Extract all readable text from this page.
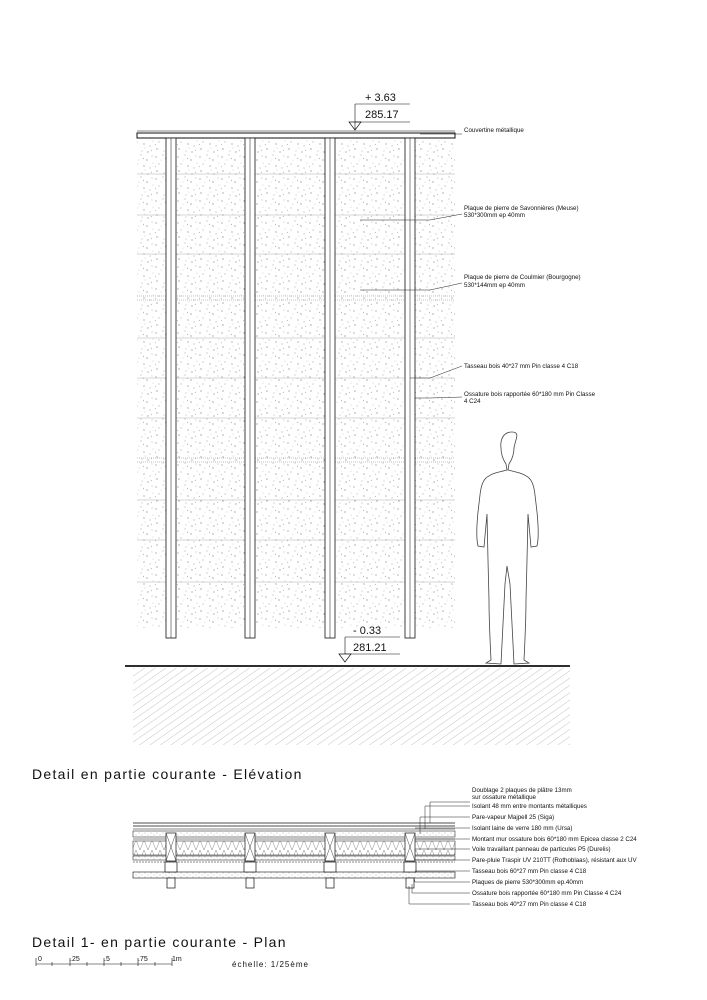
+ 3.63
285.17
- 0.33
281.21
Couvertine métallique
Plaque de pierre de Savonnières (Meuse)
530*300mm ep 40mm
Plaque de pierre de Coulmier (Bourgogne)
530*144mm ep 40mm
Tasseau bois 40*27 mm Pin classe 4 C18
Ossature bois rapportée 60*180 mm Pin Classe
4 C24
Detail en partie courante - Elévation
Doublage 2 plaques de plâtre 13mm
sur ossature métallique
Isolant 48 mm entre montants métalliques
Pare-vapeur Majpell 25 (Siga)
Isolant laine de verre 180 mm (Ursa)
Montant mur ossature bois 60*180 mm Epicea classe 2 C24
Voile travaillant panneau de particules P5 (Durelis)
Pare-pluie Traspir UV 210TT (Rothoblaas), résistant aux UV
Tasseau bois 60*27 mm Pin classe 4 C18
Plaques de pierre 530*300mm ep.40mm
Ossature bois rapportée 60*180 mm Pin Classe 4 C24
Tasseau bois 40*27 mm Pin classe 4 C18
Detail 1- en partie courante - Plan
0	.25	.5	.75	1m
échelle: 1/25ème
